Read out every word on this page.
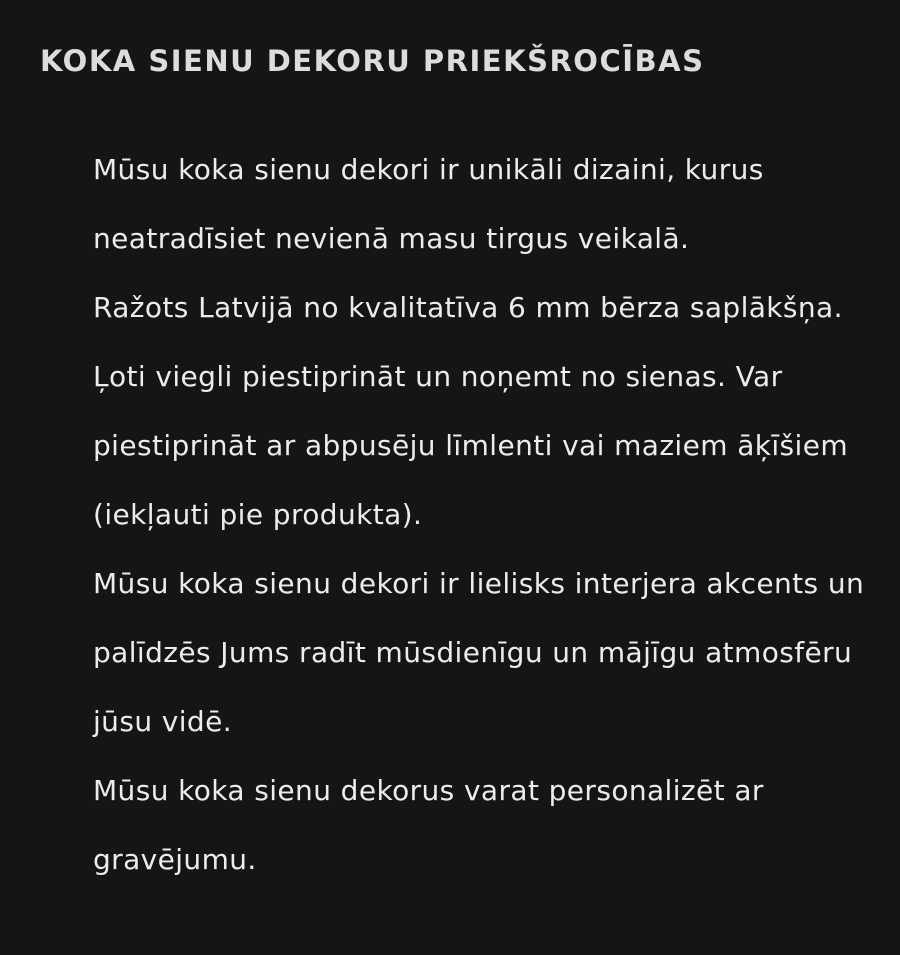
KOKA SIENU DEKORU PRIEKŠROCĪBAS
Mūsu koka sienu dekori ir unikāli dizaini, kurus neatradīsiet nevienā masu tirgus veikalā.
Ražots Latvijā no kvalitatīva 6 mm bērza saplākšņa.
Ļoti viegli piestiprināt un noņemt no sienas. Var piestiprināt ar abpusēju līmlenti vai maziem āķīšiem (iekļauti pie produkta).
Mūsu koka sienu dekori ir lielisks interjera akcents un palīdzēs Jums radīt mūsdienīgu un mājīgu atmosfēru jūsu vidē.
Mūsu koka sienu dekorus varat personalizēt ar gravējumu.
